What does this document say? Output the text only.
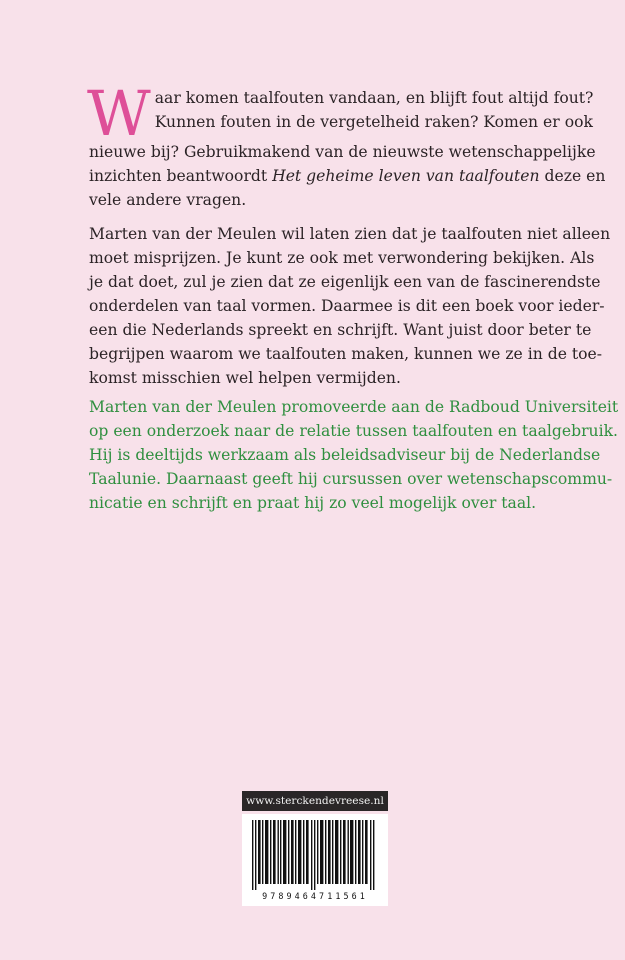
W aar komen taalfouten vandaan, en blijft fout altijd fout?
Kunnen fouten in de vergetelheid raken? Komen er ook
nieuwe bij? Gebruikmakend van de nieuwste wetenschappelijke
inzichten beantwoordt Het geheime leven van taalfouten deze en
vele andere vragen.
Marten van der Meulen wil laten zien dat je taalfouten niet alleen
moet misprijzen. Je kunt ze ook met verwondering bekijken. Als
je dat doet, zul je zien dat ze eigenlijk een van de fascinerendste
onderdelen van taal vormen. Daarmee is dit een boek voor ieder-
een die Nederlands spreekt en schrijft. Want juist door beter te
begrijpen waarom we taalfouten maken, kunnen we ze in de toe-
komst misschien wel helpen vermijden.
Marten van der Meulen promoveerde aan de Radboud Universiteit
op een onderzoek naar de relatie tussen taalfouten en taalgebruik.
Hij is deeltijds werkzaam als beleidsadviseur bij de Nederlandse
Taalunie. Daarnaast geeft hij cursussen over wetenschapscommu-
nicatie en schrijft en praat hij zo veel mogelijk over taal.
www.sterckendevreese.nl
9789464711561
